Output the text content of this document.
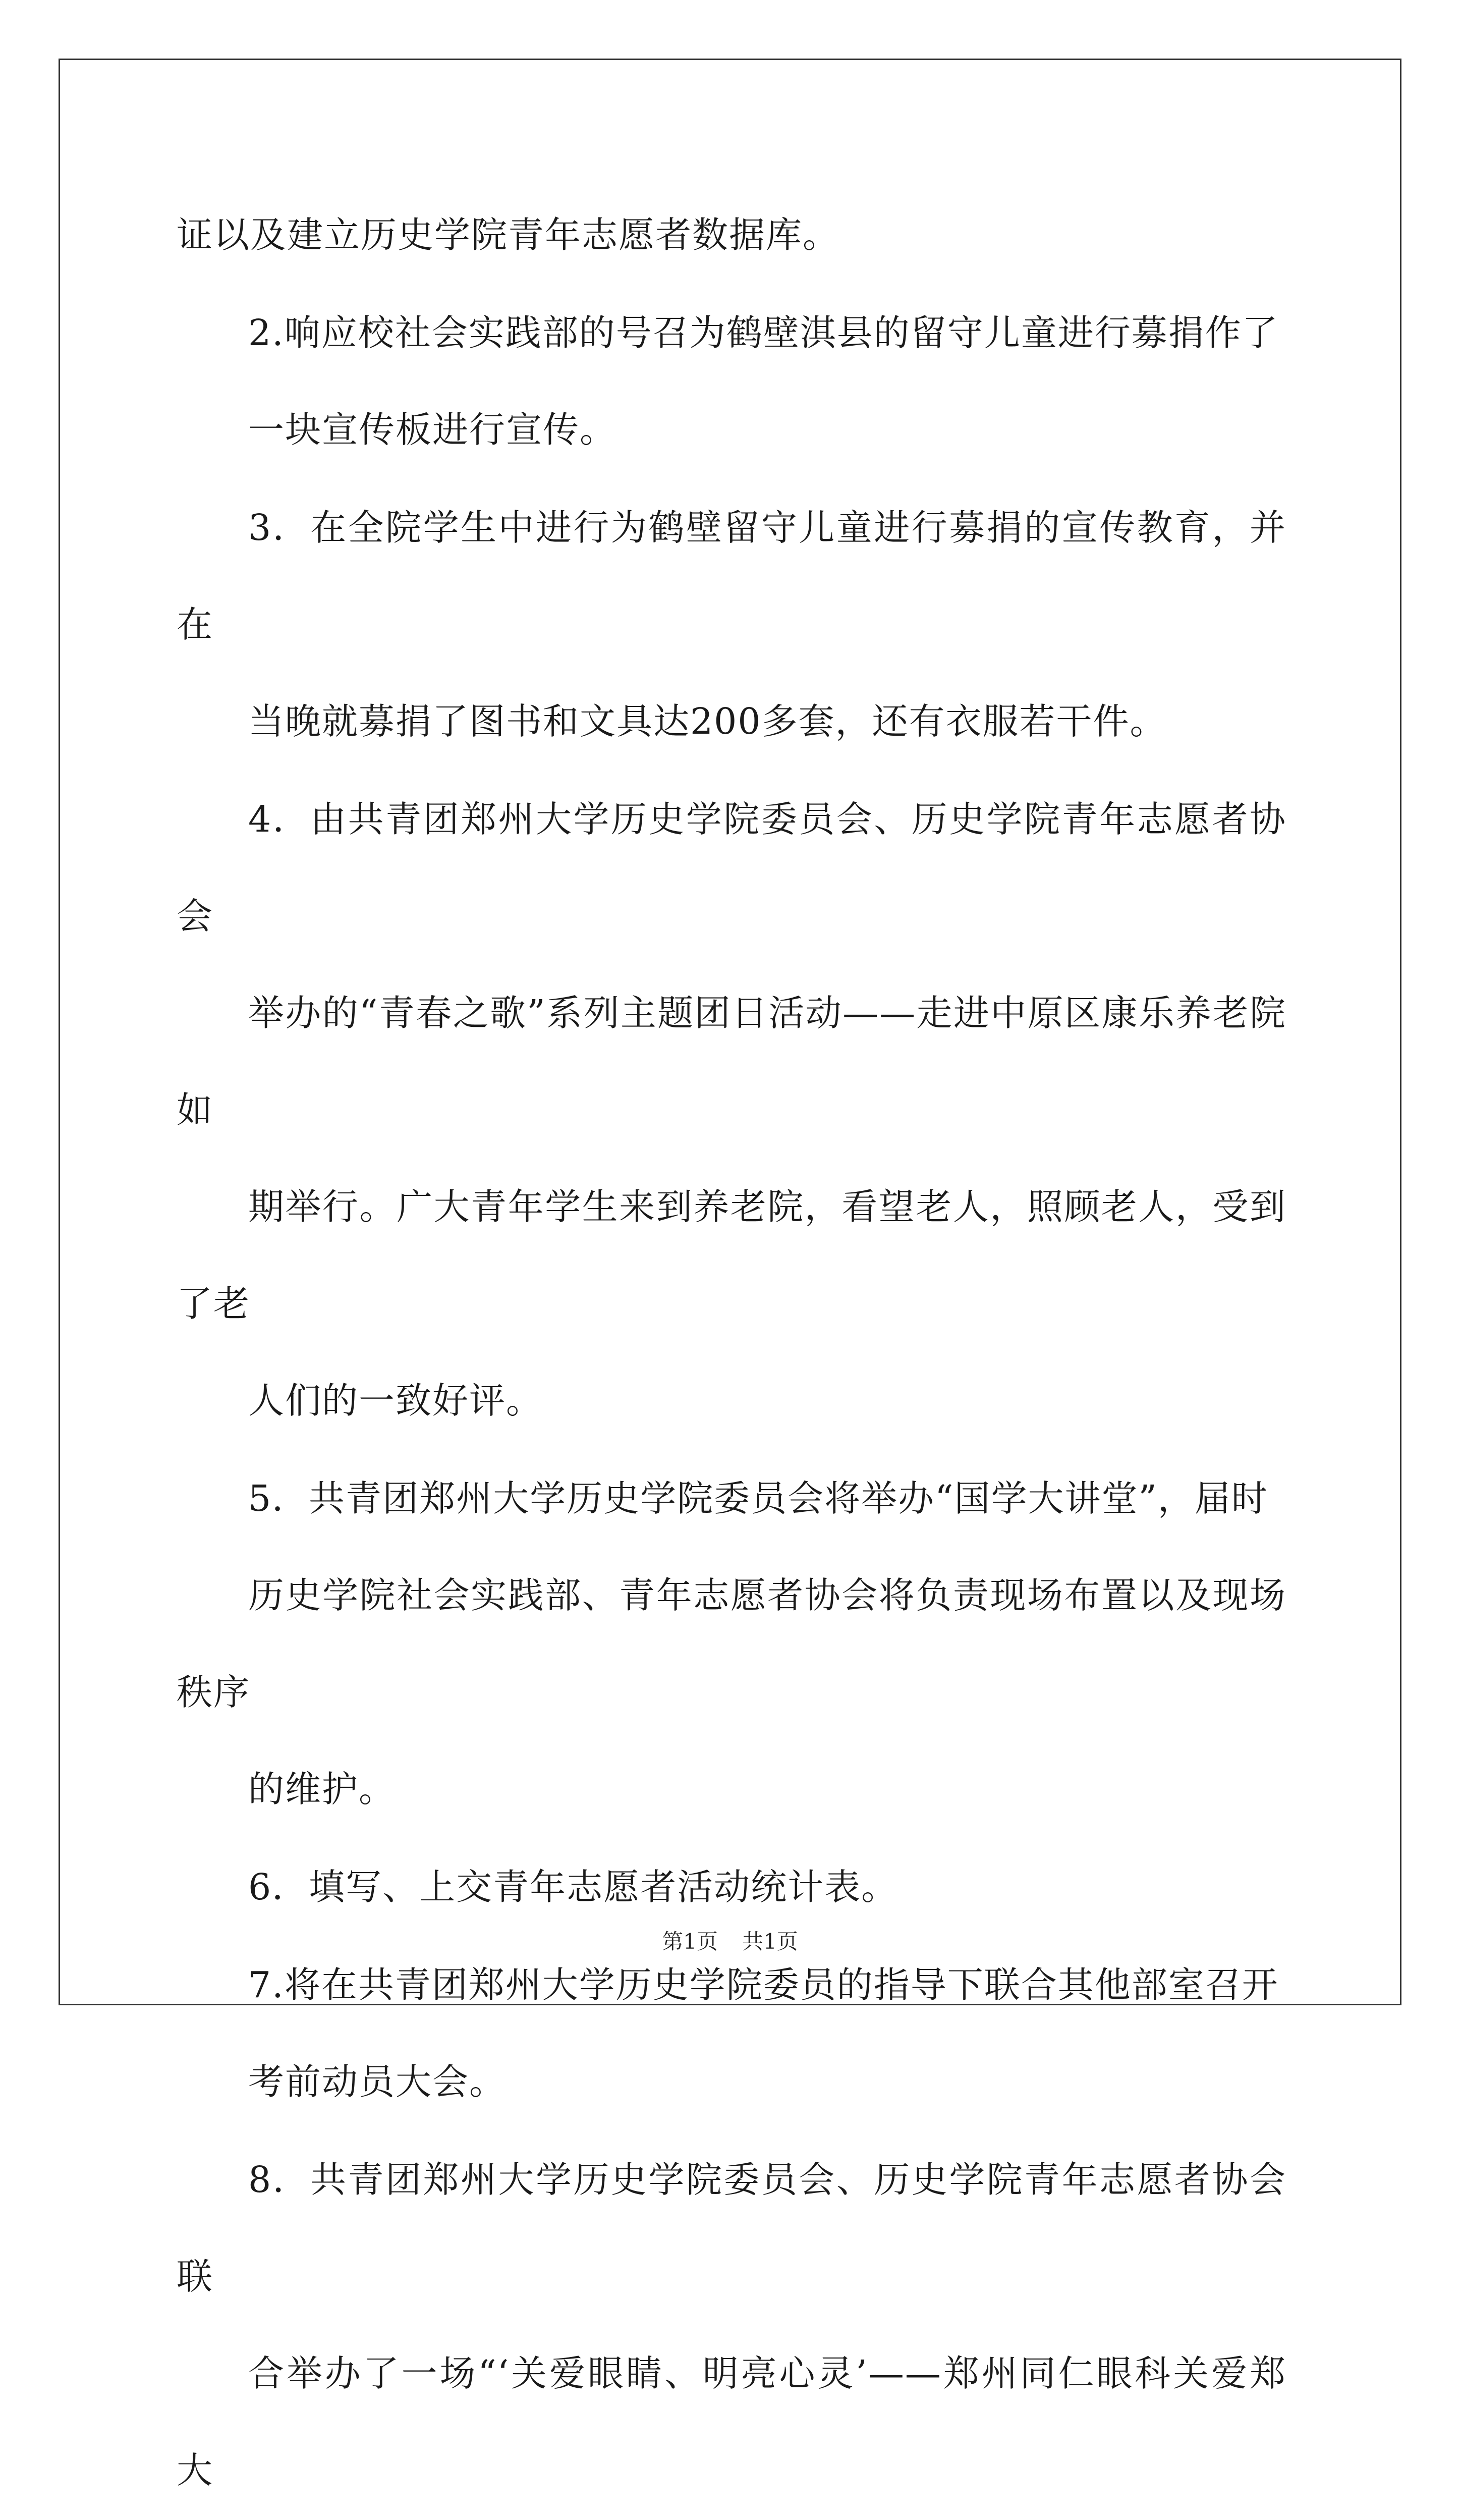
证以及建立历史学院青年志愿者数据库。

2.响应校社会实践部的号召为鹤壁淇县的留守儿童进行募捐作了
一块宣传板进行宣传。

3．在全院学生中进行为鹤壁留守儿童进行募捐的宣传教育，并在
当晚就募捐了图书和文具达200多套，还有衣服若干件。

4．由共青团郑州大学历史学院委员会、历史学院青年志愿者协会
举办的“青春之歌”系列主题团日活动——走进中原区康乐养老院如
期举行。广大青年学生来到养老院，看望老人，照顾老人，受到了老
人们的一致好评。

5．共青团郑州大学历史学院委员会将举办“国学大讲堂”，届时
历史学院社会实践部、青年志愿者协会将负责现场布置以及现场秩序
的维护。

6．填写、上交青年志愿者活动统计表。

7.将在共青团郑州大学历史学院委员的指导下联合其他部室召开
考前动员大会。

8．共青团郑州大学历史学院委员会、历史学院青年志愿者协会联
合举办了一场“‘关爱眼睛、明亮心灵’——郑州同仁眼科关爱郑大

第1页 共1页
